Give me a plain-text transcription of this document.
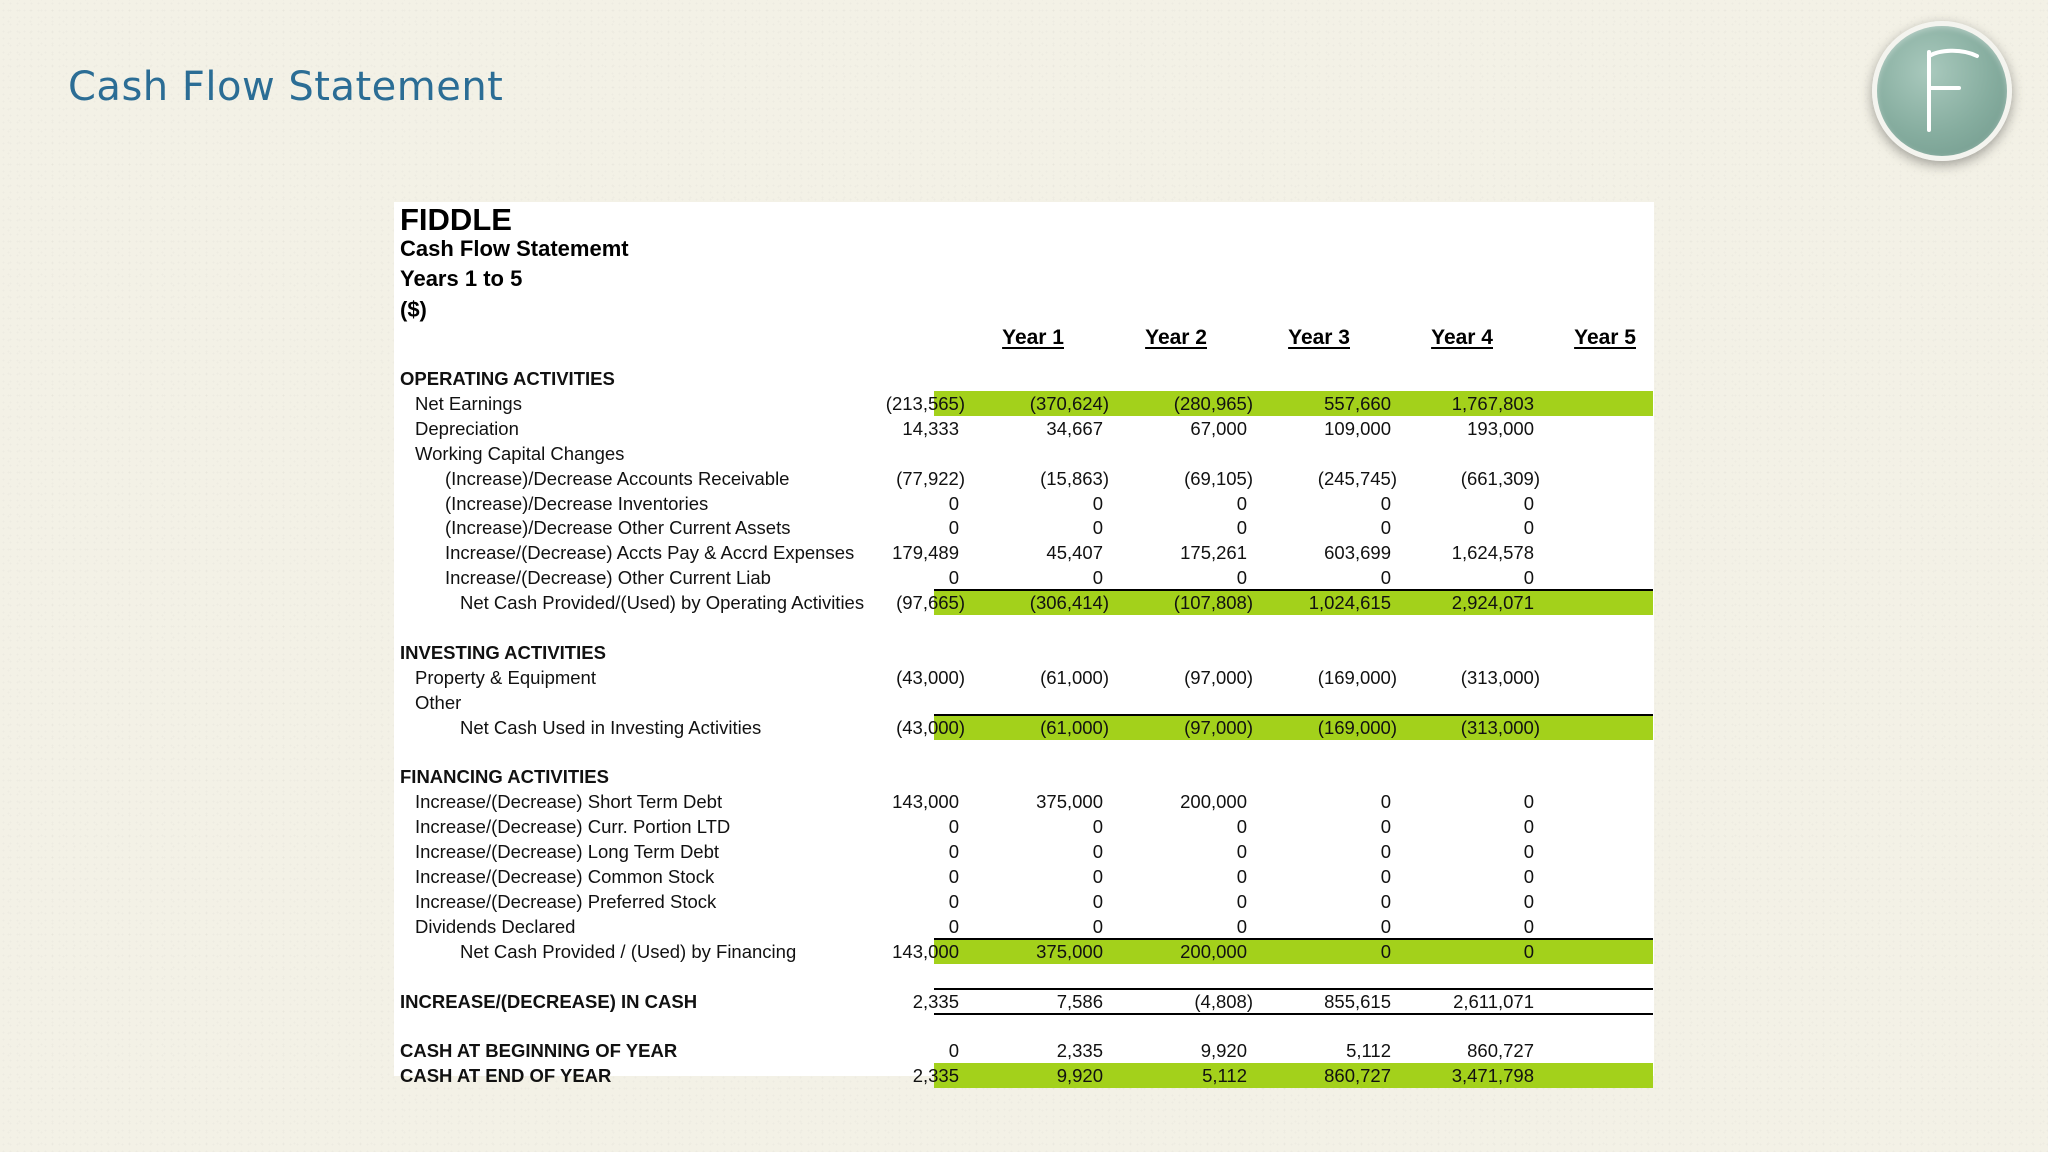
Cash Flow Statement
FIDDLE
Cash Flow Statememt
Years 1 to 5
($)
Year 1	Year 2	Year 3	Year 4	Year 5
OPERATING ACTIVITIES
Net Earnings	(213,565)	(370,624)	(280,965)	557,660	1,767,803
Depreciation	14,333	34,667	67,000	109,000	193,000
Working Capital Changes
(Increase)/Decrease Accounts Receivable	(77,922)	(15,863)	(69,105)	(245,745)	(661,309)
(Increase)/Decrease Inventories	0	0	0	0	0
(Increase)/Decrease Other Current Assets	0	0	0	0	0
Increase/(Decrease) Accts Pay & Accrd Expenses	179,489	45,407	175,261	603,699	1,624,578
Increase/(Decrease) Other Current Liab	0	0	0	0	0
Net Cash Provided/(Used) by Operating Activities	(97,665)	(306,414)	(107,808)	1,024,615	2,924,071
INVESTING ACTIVITIES
Property & Equipment	(43,000)	(61,000)	(97,000)	(169,000)	(313,000)
Other
Net Cash Used in Investing Activities	(43,000)	(61,000)	(97,000)	(169,000)	(313,000)
FINANCING ACTIVITIES
Increase/(Decrease) Short Term Debt	143,000	375,000	200,000	0	0
Increase/(Decrease) Curr. Portion LTD	0	0	0	0	0
Increase/(Decrease) Long Term Debt	0	0	0	0	0
Increase/(Decrease) Common Stock	0	0	0	0	0
Increase/(Decrease) Preferred Stock	0	0	0	0	0
Dividends Declared	0	0	0	0	0
Net Cash Provided / (Used) by Financing	143,000	375,000	200,000	0	0
INCREASE/(DECREASE) IN CASH	2,335	7,586	(4,808)	855,615	2,611,071
CASH AT BEGINNING OF YEAR	0	2,335	9,920	5,112	860,727
CASH AT END OF YEAR	2,335	9,920	5,112	860,727	3,471,798
